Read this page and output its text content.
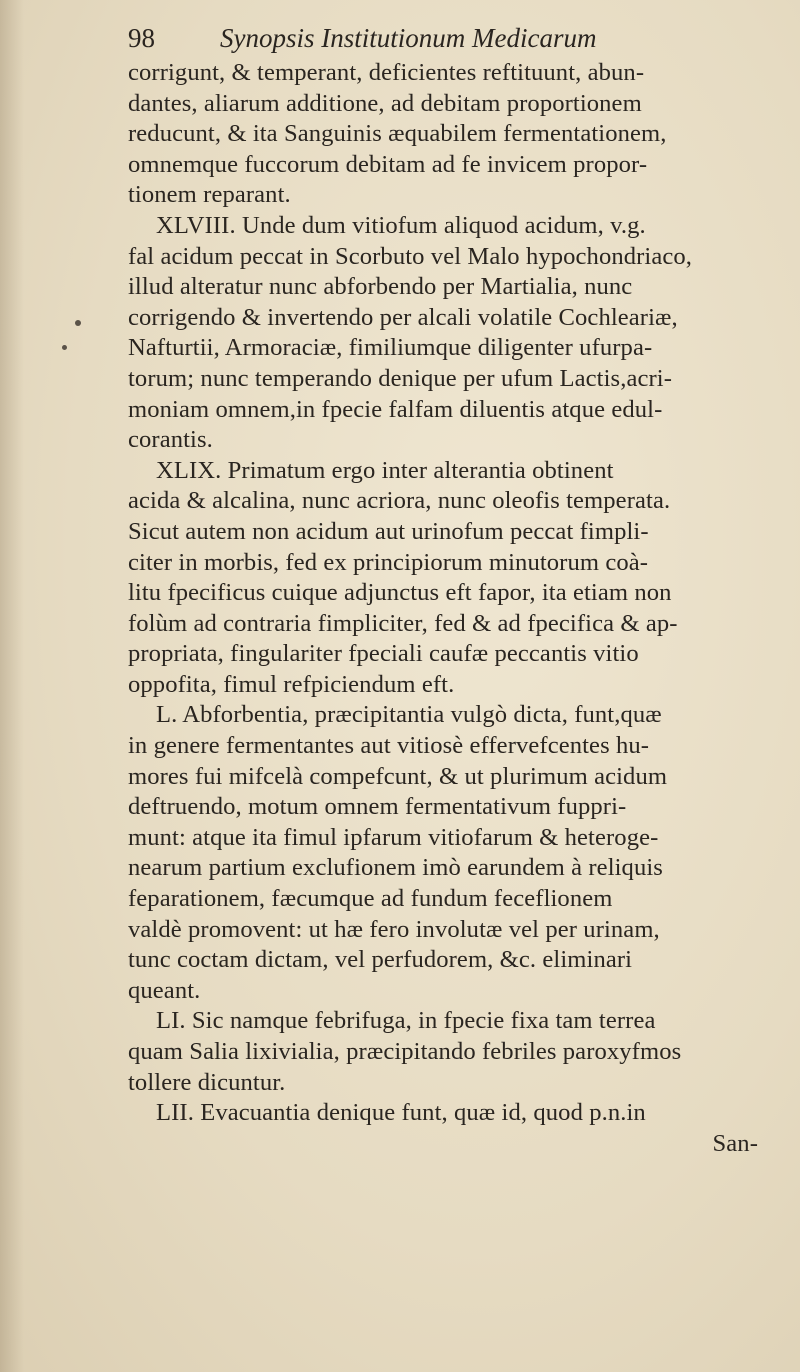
98	Synopsis Institutionum Medicarum
corrigunt, & temperant, deficientes reftituunt, abun-
dantes, aliarum additione, ad debitam proportionem
reducunt, & ita Sanguinis æquabilem fermentationem,
omnemque fuccorum debitam ad fe invicem propor-
tionem reparant.
XLVIII. Unde dum vitiofum aliquod acidum, v.g.
fal acidum peccat in Scorbuto vel Malo hypochondriaco,
illud alteratur nunc abforbendo per Martialia, nunc
corrigendo & invertendo per alcali volatile Cochleariæ,
Nafturtii, Armoraciæ, fimiliumque diligenter ufurpa-
torum; nunc temperando denique per ufum Lactis,acri-
moniam omnem,in fpecie falfam diluentis atque edul-
corantis.
XLIX. Primatum ergo inter alterantia obtinent
acida & alcalina, nunc acriora, nunc oleofis temperata.
Sicut autem non acidum aut urinofum peccat fimpli-
citer in morbis, fed ex principiorum minutorum coà-
litu fpecificus cuique adjunctus eft fapor, ita etiam non
folùm ad contraria fimpliciter, fed & ad fpecifica & ap-
propriata, fingulariter fpeciali caufæ peccantis vitio
oppofita, fimul refpiciendum eft.
L. Abforbentia, præcipitantia vulgò dicta, funt,quæ
in genere fermentantes aut vitiosè effervefcentes hu-
mores fui mifcelà compefcunt, & ut plurimum acidum
deftruendo, motum omnem fermentativum fuppri-
munt: atque ita fimul ipfarum vitiofarum & heteroge-
nearum partium exclufionem imò earundem à reliquis
feparationem, fæcumque ad fundum feceflionem
valdè promovent: ut hæ fero involutæ vel per urinam,
tunc coctam dictam, vel perfudorem, &c. eliminari
queant.
LI. Sic namque febrifuga, in fpecie fixa tam terrea
quam Salia lixivialia, præcipitando febriles paroxyfmos
tollere dicuntur.
LII. Evacuantia denique funt, quæ id, quod p.n.in
San-
